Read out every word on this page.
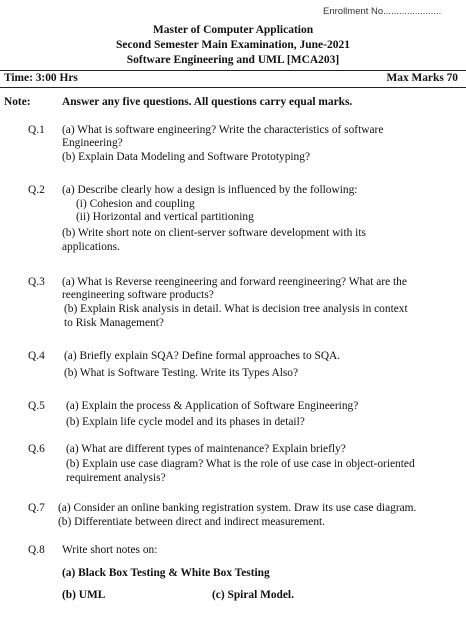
Enrollment No......................
Master of Computer Application
Second Semester Main Examination, June-2021
Software Engineering and UML [MCA203]
Time: 3:00 Hrs	Max Marks 70
Note:	Answer any five questions. All questions carry equal marks.
Q.1 (a) What is software engineering? Write the characteristics of software
Engineering?
(b) Explain Data Modeling and Software Prototyping?
Q.2 (a) Describe clearly how a design is influenced by the following:
(i) Cohesion and coupling
(ii) Horizontal and vertical partitioning
(b) Write short note on client-server software development with its
applications.
Q.3 (a) What is Reverse reengineering and forward reengineering? What are the
reengineering software products?
(b) Explain Risk analysis in detail. What is decision tree analysis in context
to Risk Management?
Q.4 (a) Briefly explain SQA? Define formal approaches to SQA.
(b) What is Software Testing. Write its Types Also?
Q.5 (a) Explain the process & Application of Software Engineering?
(b) Explain life cycle model and its phases in detail?
Q.6 (a) What are different types of maintenance? Explain briefly?
(b) Explain use case diagram? What is the role of use case in object-oriented
requirement analysis?
Q.7 (a) Consider an online banking registration system. Draw its use case diagram.
(b) Differentiate between direct and indirect measurement.
Q.8 Write short notes on:
(a) Black Box Testing & White Box Testing
(b) UML	(c) Spiral Model.
